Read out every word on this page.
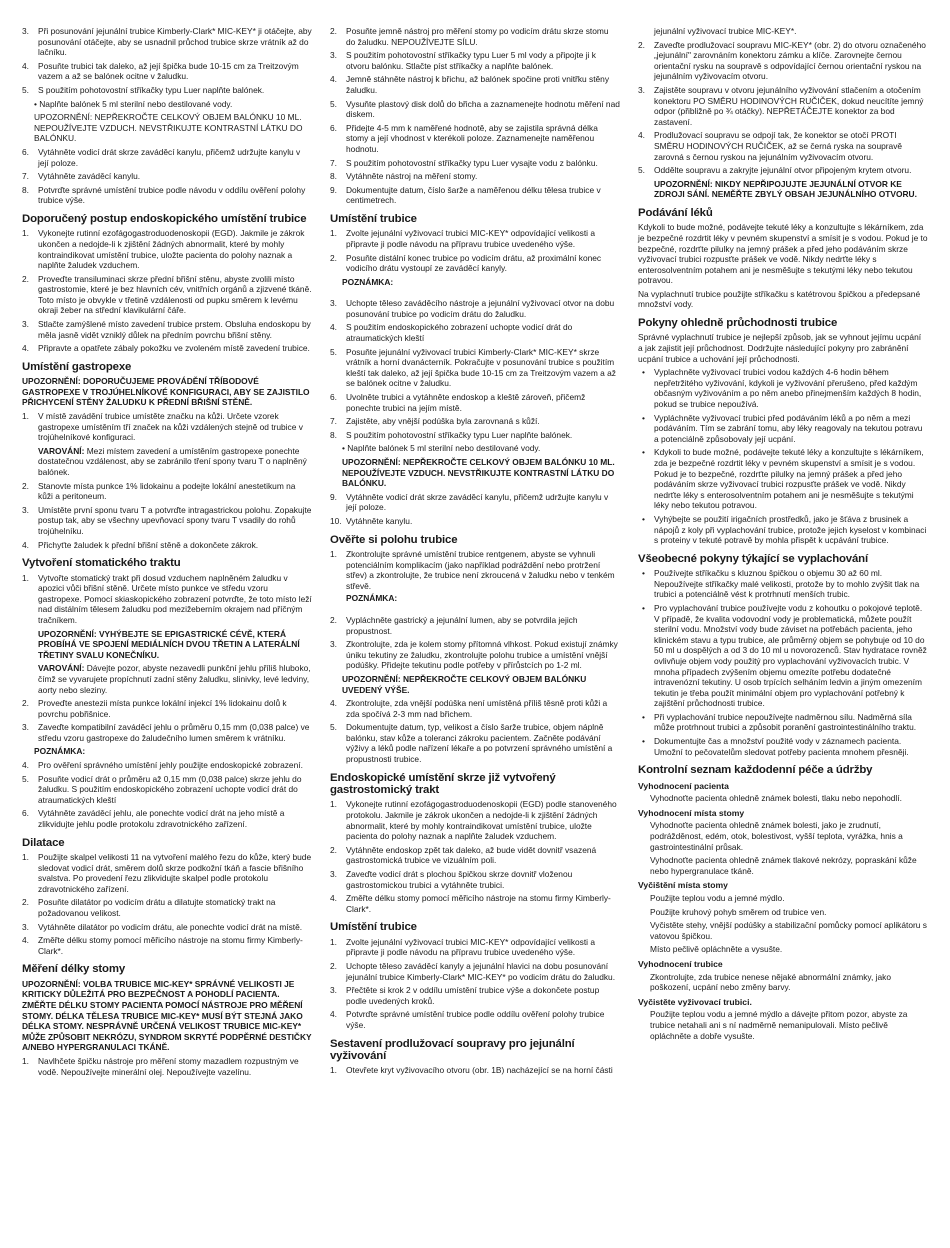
3. Při posunování jejunální trubice Kimberly-Clark* MIC-KEY* ji otáčejte, aby posunování otáčejte, aby se usnadnil průchod trubice skrze vrátník až do lačníku.
4. Posuňte trubici tak daleko, až její špička bude 10-15 cm za Treitzovým vazem a až se balónek ocitne v žaludku.
5. S použitím pohotovostní stříkačky typu Luer naplňte balónek.

• Naplňte balónek 5 ml sterilní nebo destilované vody.

UPOZORNĚNÍ: NEPŘEKROČTE CELKOVÝ OBJEM BALÓNKU 10 ML. NEPOUŽÍVEJTE VZDUCH. NEVSTŘIKUJTE KONTRASTNÍ LÁTKU DO BALÓNKU.

6. Vytáhněte vodicí drát skrze zaváděcí kanylu, přičemž udržujte kanylu v její poloze.
7. Vytáhněte zaváděcí kanylu.
8. Potvrďte správné umístění trubice podle návodu v oddílu ověření polohy trubice výše.
Doporučený postup endoskopického umístění trubice
1. Vykonejte rutinní ezofágogastroduodenoskopii (EGD). Jakmile je zákrok ukončen a nedojde-li k zjištění žádných abnormalit, které by mohly kontraindikovat umístění trubice, uložte pacienta do polohy naznak a naplňte žaludek vzduchem.
2. Proveďte transiluminaci skrze přední břišní stěnu, abyste zvolili místo gastrostomie, které je bez hlavních cév, vnitřních orgánů a zjizvené tkáně. Toto místo je obvykle v třetině vzdálenosti od pupku směrem k levému okraji žeber na střední klavikulární čáře.
3. Stlačte zamýšlené místo zavedení trubice prstem. Obsluha endoskopu by měla jasně vidět vzniklý důlek na předním povrchu břišní stěny.
4. Připravte a opatřete zábaly pokožku ve zvoleném místě zavedení trubice.
Umístění gastropexe

UPOZORNĚNÍ: DOPORUČUJEME PROVÁDĚNÍ TŘÍBODOVÉ GASTROPEXE V TROJÚHELNÍKOVÉ KONFIGURACI, ABY SE ZAJISTILO PŘICHYCENÍ STĚNY ŽALUDKU K PŘEDNÍ BŘIŠNÍ STĚNĚ.

1. V místě zavádění trubice umístěte značku na kůži. Určete vzorek gastropexe umístěním tří značek na kůži vzdálených stejně od trubice v trojúhelníkové konfiguraci.

VAROVÁNÍ: Mezi místem zavedení a umístěním gastropexe ponechte dostatečnou vzdálenost, aby se zabránilo tření spony tvaru T o naplněný balónek.

2. Stanovte místa punkce 1% lidokainu a podejte lokální anestetikum na kůži a peritoneum.
3. Umístěte první sponu tvaru T a potvrďte intragastrickou polohu. Zopakujte postup tak, aby se všechny upevňovací spony tvaru T vsadily do rohů trojúhelníku.
4. Přichyťte žaludek k přední břišní stěně a dokončete zákrok.
Vytvoření stomatického traktu
1. Vytvořte stomatický trakt při dosud vzduchem naplněném žaludku v apozici vůči břišní stěně. Určete místo punkce ve středu vzoru gastropexe. Pomocí skiaskopického zobrazení potvrďte, že toto místo leží nad distálním tělesem žaludku pod mezižeberním okrajem nad příčným tračníkem.

UPOZORNĚNÍ: VYHÝBEJTE SE EPIGASTRICKÉ CÉVĚ, KTERÁ PROBÍHÁ VE SPOJENÍ MEDIÁLNÍCH DVOU TŘETIN A LATERÁLNÍ TŘETINY SVALU KONEČNÍKU.

VAROVÁNÍ: Dávejte pozor, abyste nezavedli punkční jehlu příliš hluboko, čímž se vyvarujete propíchnutí zadní stěny žaludku, slinivky, levé ledviny, aorty nebo sleziny.

2. Proveďte anestezii místa punkce lokální injekcí 1% lidokainu dolů k povrchu pobřišnice.
3. Zaveďte kompatibilní zaváděcí jehlu o průměru 0,15 mm (0,038 palce) ve středu vzoru gastropexe do žaludečního lumen směrem k vrátníku.

POZNÁMKA:

4. Pro ověření správného umístění jehly použijte endoskopické zobrazení.
5. Posuňte vodicí drát o průměru až 0,15 mm (0,038 palce) skrze jehlu do žaludku. S použitím endoskopického zobrazení uchopte vodicí drát do atraumatických kleští
6. Vytáhněte zaváděcí jehlu, ale ponechte vodicí drát na jeho místě a zlikvidujte jehlu podle protokolu zdravotnického zařízení.
Dilatace
1. Použijte skalpel velikosti 11 na vytvoření malého řezu do kůže, který bude sledovat vodicí drát, směrem dolů skrze podkožní tkáň a fascie břišního svalstva. Po provedení řezu zlikvidujte skalpel podle protokolu zdravotnického zařízení.
2. Posuňte dilatátor po vodicím drátu a dilatujte stomatický trakt na požadovanou velikost.
3. Vytáhněte dilatátor po vodicím drátu, ale ponechte vodicí drát na místě.
4. Změřte délku stomy pomocí měřicího nástroje na stomu firmy Kimberly-Clark*.
Měření délky stomy

UPOZORNĚNÍ: VOLBA TRUBICE MIC-KEY* SPRÁVNÉ VELIKOSTI JE KRITICKY DŮLEŽITÁ PRO BEZPEČNOST A POHODLÍ PACIENTA. ZMĚŘTE DÉLKU STOMY PACIENTA POMOCÍ NÁSTROJE PRO MĚŘENÍ STOMY. DÉLKA TĚLESA TRUBICE MIC-KEY* MUSÍ BÝT STEJNÁ JAKO DÉLKA STOMY. NESPRÁVNĚ URČENÁ VELIKOST TRUBICE MIC-KEY* MŮŽE ZPŮSOBIT NEKRÓZU, SYNDROM SKRYTÉ PODPĚRNÉ DESTIČKY A/NEBO HYPERGRANULACI TKÁNĚ.

1. Navlhčete špičku nástroje pro měření stomy mazadlem rozpustným ve vodě. Nepoužívejte minerální olej. Nepoužívejte vazelínu.
2. Posuňte jemně nástroj pro měření stomy po vodicím drátu skrze stomu do žaludku. NEPOUŽÍVEJTE SÍLU.
3. S použitím pohotovostní stříkačky typu Luer 5 ml vody a připojte ji k otvoru balónku. Stlačte píst stříkačky a naplňte balónek.
4. Jemně stáhněte nástroj k břichu, až balónek spočine proti vnitřku stěny žaludku.
5. Vysuňte plastový disk dolů do břicha a zaznamenejte hodnotu měření nad diskem.
6. Přidejte 4-5 mm k naměřené hodnotě, aby se zajistila správná délka stomy a její vhodnost v kterékoli poloze. Zaznamenejte naměřenou hodnotu.
7. S použitím pohotovostní stříkačky typu Luer vysajte vodu z balónku.
8. Vytáhněte nástroj na měření stomy.
9. Dokumentujte datum, číslo šarže a naměřenou délku tělesa trubice v centimetrech.
Umístění trubice
1. Zvolte jejunální vyživovací trubici MIC-KEY* odpovídající velikosti a připravte ji podle návodu na přípravu trubice uvedeného výše.
2. Posuňte distální konec trubice po vodicím drátu, až proximální konec vodicího drátu vystoupí ze zaváděcí kanyly.

POZNÁMKA:

3. Uchopte těleso zaváděcího nástroje a jejunální vyživovací otvor na dobu posunování trubice po vodicím drátu do žaludku.
4. S použitím endoskopického zobrazení uchopte vodicí drát do atraumatických kleští
5. Posuňte jejunální vyživovací trubici Kimberly-Clark* MIC-KEY* skrze vrátník a horní dvanácterník. Pokračujte v posunování trubice s použitím kleští tak daleko, až její špička bude 10-15 cm za Treitzovým vazem a až se balónek ocitne v žaludku.
6. Uvolněte trubici a vytáhněte endoskop a kleště zároveň, přičemž ponechte trubici na jejím místě.
7. Zajistěte, aby vnější podúška byla zarovnaná s kůží.
8. S použitím pohotovostní stříkačky typu Luer naplňte balónek.

• Naplňte balónek 5 ml sterilní nebo destilované vody.

UPOZORNĚNÍ: NEPŘEKROČTE CELKOVÝ OBJEM BALÓNKU 10 ML. NEPOUŽÍVEJTE VZDUCH. NEVSTŘIKUJTE KONTRASTNÍ LÁTKU DO BALÓNKU.

9. Vytáhněte vodicí drát skrze zaváděcí kanylu, přičemž udržujte kanylu v její poloze.
10. Vytáhněte kanylu.
Ověřte si polohu trubice
1. Zkontrolujte správné umístění trubice rentgenem, abyste se vyhnuli potenciálním komplikacím (jako například podráždění nebo protržení střev) a zkontrolujte, že trubice není zkroucená v žaludku nebo v tenkém střevě.

POZNÁMKA:

2. Vypláchněte gastrický a jejunální lumen, aby se potvrdila jejich propustnost.
3. Zkontrolujte, zda je kolem stomy přítomná vlhkost. Pokud existují známky úniku tekutiny ze žaludku, zkontrolujte polohu trubice a umístění vnější podúšky. Přidejte tekutinu podle potřeby v přírůstcích po 1-2 ml.

UPOZORNĚNÍ: NEPŘEKROČTE CELKOVÝ OBJEM BALÓNKU UVEDENÝ VÝŠE.

4. Zkontrolujte, zda vnější podúška není umístěná příliš těsně proti kůži a zda spočívá 2-3 mm nad břichem.
5. Dokumentujte datum, typ, velikost a číslo šarže trubice, objem náplně balónku, stav kůže a toleranci zákroku pacientem. Začněte podávání výživy a léků podle nařízení lékaře a po potvrzení správného umístění a propustnosti trubice.
Endoskopické umístění skrze již vytvořený gastrostomický trakt
1. Vykonejte rutinní ezofágogastroduodenoskopii (EGD) podle stanoveného protokolu. Jakmile je zákrok ukončen a nedojde-li k zjištění žádných abnormalit, které by mohly kontraindikovat umístění trubice, uložte pacienta do polohy naznak a naplňte žaludek vzduchem.
2. Vytáhněte endoskop zpět tak daleko, až bude vidět dovnitř vsazená gastrostomická trubice ve vizuálním poli.
3. Zaveďte vodicí drát s plochou špičkou skrze dovnitř vloženou gastrostomickou trubici a vytáhněte trubici.
4. Změřte délku stomy pomocí měřicího nástroje na stomu firmy Kimberly-Clark*.
Umístění trubice
1. Zvolte jejunální vyživovací trubici MIC-KEY* odpovídající velikosti a připravte ji podle návodu na přípravu trubice uvedeného výše.
2. Uchopte těleso zaváděcí kanyly a jejunální hlavici na dobu posunování jejunální trubice Kimberly-Clark* MIC-KEY* po vodicím drátu do žaludku.
3. Přečtěte si krok 2 v oddílu umístění trubice výše a dokončete postup podle uvedených kroků.
4. Potvrďte správné umístění trubice podle oddílu ověření polohy trubice výše.
Sestavení prodlužovací soupravy pro jejunální vyživování
1. Otevřete kryt vyživovacího otvoru (obr. 1B) nacházející se na horní části

jejunální vyživovací trubice MIC-KEY*.

2. Zaveďte prodlužovací soupravu MIC-KEY* (obr. 2) do otvoru označeného „jejunální" zarovnáním konektoru zámku a klíče. Zarovnejte černou orientační rysku na soupravě s odpovídající černou orientační ryskou na jejunálním vyživovacím otvoru.
3. Zajistěte soupravu v otvoru jejunálního vyživování stlačením a otočením konektoru PO SMĚRU HODINOVÝCH RUČIČEK, dokud neucítíte jemný odpor (přibližně po ¾ otáčky). NEPŘETÁČEJTE konektor za bod zastavení.
4. Prodlužovací soupravu se odpojí tak, že konektor se otočí PROTI SMĚRU HODINOVÝCH RUČIČEK, až se černá ryska na soupravě zarovná s černou ryskou na jejunálním vyživovacím otvoru.
5. Oddělte soupravu a zakryjte jejunální otvor připojeným krytem otvoru.

UPOZORNĚNÍ: NIKDY NEPŘIPOJUJTE JEJUNÁLNÍ OTVOR KE ZDROJI SÁNÍ. NEMĚŘTE ZBYLÝ OBSAH JEJUNÁLNÍHO OTVORU.

Podávání léků

Kdykoli to bude možné, podávejte tekuté léky a konzultujte s lékárníkem, zda je bezpečné rozdrtit léky v pevném skupenství a smísit je s vodou. Pokud je to bezpečné, rozdrťte pilulky na jemný prášek a před jeho podáváním skrze vyživovací trubici rozpusťte prášek ve vodě. Nikdy nedrťte léky s enterosolventním potahem ani je nesměšujte s tekutými léky nebo tekutou potravou.

Na vyplachnutí trubice použijte stříkačku s katétrovou špičkou a předepsané množství vody.

Pokyny ohledně průchodnosti trubice

Správné vyplachnutí trubice je nejlepší způsob, jak se vyhnout jejímu ucpání a jak zajistit její průchodnost. Dodržujte následující pokyny pro zabránění ucpání trubice a uchování její průchodnosti.

• Vyplachněte vyživovací trubici vodou každých 4-6 hodin během nepřetržitého vyživování, kdykoli je vyživování přerušeno, před každým občasným vyživováním a po něm anebo přinejmenším každých 8 hodin, pokud se trubice nepoužívá.
• Vypláchněte vyživovací trubici před podáváním léků a po něm a mezi podáváním. Tím se zabrání tomu, aby léky reagovaly na tekutou potravu a potenciálně způsobovaly její ucpání.
• Kdykoli to bude možné, podávejte tekuté léky a konzultujte s lékárníkem, zda je bezpečné rozdrtit léky v pevném skupenství a smísit je s vodou. Pokud je to bezpečné, rozdrťte pilulky na jemný prášek a před jeho podáváním skrze vyživovací trubici rozpusťte prášek ve vodě. Nikdy nedrťte léky s enterosolventním potahem ani je nesměšujte s tekutými léky nebo tekutou potravou.
• Vyhýbejte se použití irigačních prostředků, jako je šťáva z brusinek a nápojů z koly při vyplachování trubice, protože jejich kyselost v kombinaci s proteiny v tekuté potravě by mohla přispět k ucpávání trubice.
Všeobecné pokyny týkající se vyplachování
• Používejte stříkačku s kluznou špičkou o objemu 30 až 60 ml. Nepoužívejte stříkačky malé velikosti, protože by to mohlo zvýšit tlak na trubici a potenciálně vést k protrhnutí menších trubic.
• Pro vyplachování trubice používejte vodu z kohoutku o pokojové teplotě. V případě, že kvalita vodovodní vody je problematická, můžete použít sterilní vodu. Množství vody bude záviset na potřebách pacienta, jeho klinickém stavu a typu trubice, ale průměrný objem se pohybuje od 10 do 50 ml u dospělých a od 3 do 10 ml u novorozenců. Stav hydratace rovněž ovlivňuje objem vody použitý pro vyplachování vyživovacích trubic. V mnoha případech zvýšením objemu omezíte potřebu dodatečné intravenózní tekutiny. U osob trpících selháním ledvin a jiným omezením tekutin je třeba použít minimální objem pro vyplachování potřebný k zajištění průchodnosti trubice.
• Při vyplachování trubice nepoužívejte nadměrnou sílu. Nadměrná síla může protrhnout trubici a způsobit poranění gastrointestinálního traktu.
• Dokumentujte čas a množství použité vody v záznamech pacienta. Umožní to pečovatelům sledovat potřeby pacienta mnohem přesněji.
Kontrolní seznam každodenní péče a údržby
Vyhodnocení pacienta

Vyhodnoťte pacienta ohledně známek bolesti, tlaku nebo nepohodlí.

Vyhodnocení místa stomy

Vyhodnoťte pacienta ohledně známek bolesti, jako je zrudnutí, podrážděnost, edém, otok, bolestivost, vyšší teplota, vyrážka, hnis a gastrointestinální průsak.

Vyhodnoťte pacienta ohledně známek tlakové nekrózy, popraskání kůže nebo hypergranulace tkáně.

Vyčištění místa stomy

Použijte teplou vodu a jemné mýdlo.

Použijte kruhový pohyb směrem od trubice ven.

Vyčistěte stehy, vnější podúšky a stabilizační pomůcky pomocí aplikátoru s vatovou špičkou.

Místo pečlivě opláchněte a vysušte.

Vyhodnocení trubice

Zkontrolujte, zda trubice nenese nějaké abnormální známky, jako poškození, ucpání nebo změny barvy.

Vyčistěte vyživovací trubici.

Použijte teplou vodu a jemné mýdlo a dávejte přitom pozor, abyste za trubice netahali ani s ní nadměrně nemanipulovali. Místo pečlivě opláchněte a dobře vysušte.
